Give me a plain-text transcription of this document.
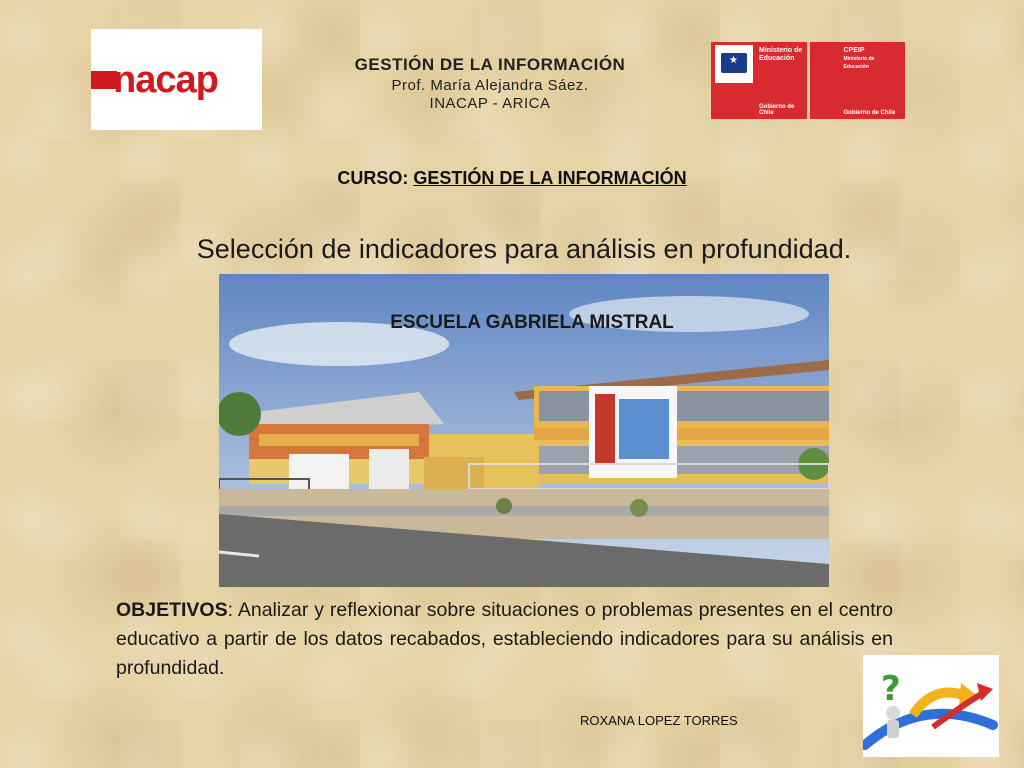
nacap	GESTIÓN DE LA INFORMACIÓN
Prof. María Alejandra Sáez.
INACAP - ARICA
★
Ministerio de Educación
Gobierno de Chile
CPEIP
Ministerio de Educación
Gobierno de Chile
CURSO: GESTIÓN DE LA INFORMACIÓN
Selección de indicadores para análisis en profundidad.
ESCUELA GABRIELA MISTRAL
OBJETIVOS: Analizar y reflexionar sobre situaciones o problemas presentes en el centro educativo a partir de los datos recabados, estableciendo indicadores para su análisis en profundidad.
ROXANA LOPEZ TORRES
?
